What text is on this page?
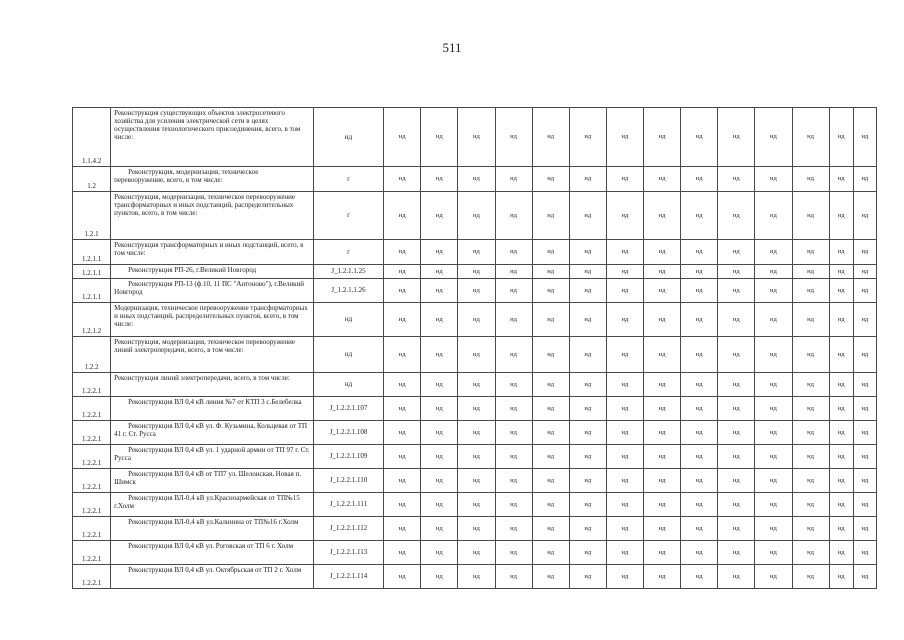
511
1.1.4.2	Реконструкция существующих объектов электросетевого хозяйства для усиления электрической сети в целях осуществления технологического присоединения, всего, в том числе:	нд	нд	нд	нд	нд	нд	нд	нд	нд	нд	нд	нд	нд	нд	нд
1.2	Реконструкция, модернизация, техническое перевооружение, всего, в том числе:	г	нд	нд	нд	нд	нд	нд	нд	нд	нд	нд	нд	нд	нд	нд
1.2.1	Реконструкция, модернизация, техническое перевооружение трансформаторных и иных подстанций, распределительных пунктов, всего, в том числе:	г	нд	нд	нд	нд	нд	нд	нд	нд	нд	нд	нд	нд	нд	нд
1.2.1.1	Реконструкция трансформаторных и иных подстанций, всего, в том числе:	г	нд	нд	нд	нд	нд	нд	нд	нд	нд	нд	нд	нд	нд	нд
1.2.1.1	Реконструкция РП-26, г.Великий Новгород	J_1.2.1.1.25	нд	нд	нд	нд	нд	нд	нд	нд	нд	нд	нд	нд	нд	нд
1.2.1.1	Реконструкция РП-13 (ф.10, 11 ПС "Антоново"), г.Великий Новгород	J_1.2.1.1.26	нд	нд	нд	нд	нд	нд	нд	нд	нд	нд	нд	нд	нд	нд
1.2.1.2	Модернизация, техническое перевооружение трансформаторных и иных подстанций, распределительных пунктов, всего, в том числе:	нд	нд	нд	нд	нд	нд	нд	нд	нд	нд	нд	нд	нд	нд	нд
1.2.2	Реконструкция, модернизация, техническое перевооружение линий электропередачи, всего, в том числе:	нд	нд	нд	нд	нд	нд	нд	нд	нд	нд	нд	нд	нд	нд	нд
1.2.2.1	Реконструкция линий электропередачи, всего, в том числе:	нд	нд	нд	нд	нд	нд	нд	нд	нд	нд	нд	нд	нд	нд	нд
1.2.2.1	Реконструкция ВЛ 0,4 кВ линия №7 от КТП 3 с.Белебелка	J_1.2.2.1.107	нд	нд	нд	нд	нд	нд	нд	нд	нд	нд	нд	нд	нд	нд
1.2.2.1	Реконструкция ВЛ 0,4 кВ ул. Ф. Кузьмина, Кольцевая от ТП 41 г. Ст. Русса	J_1.2.2.1.108	нд	нд	нд	нд	нд	нд	нд	нд	нд	нд	нд	нд	нд	нд
1.2.2.1	Реконструкция ВЛ 0,4 кВ ул. 1 ударной армии от ТП 97 г. Ст. Русса	J_1.2.2.1.109	нд	нд	нд	нд	нд	нд	нд	нд	нд	нд	нд	нд	нд	нд
1.2.2.1	Реконструкция ВЛ 0,4 кВ от ТП7 ул. Шелонская, Новая п. Шимск	J_1.2.2.1.110	нд	нд	нд	нд	нд	нд	нд	нд	нд	нд	нд	нд	нд	нд
1.2.2.1	Реконструкция ВЛ-0,4 кВ ул.Красноармейская от ТП№15 г.Холм	J_1.2.2.1.111	нд	нд	нд	нд	нд	нд	нд	нд	нд	нд	нд	нд	нд	нд
1.2.2.1	Реконструкция ВЛ-0,4 кВ ул.Калинина от ТП№16 г.Холм	J_1.2.2.1.112	нд	нд	нд	нд	нд	нд	нд	нд	нд	нд	нд	нд	нд	нд
1.2.2.1	Реконструкция ВЛ 0,4 кВ ул. Роговская от ТП 6 г. Холм	J_1.2.2.1.113	нд	нд	нд	нд	нд	нд	нд	нд	нд	нд	нд	нд	нд	нд
1.2.2.1	Реконструкция ВЛ 0,4 кВ ул. Октябрьская от ТП 2 г. Холм	J_1.2.2.1.114	нд	нд	нд	нд	нд	нд	нд	нд	нд	нд	нд	нд	нд	нд
